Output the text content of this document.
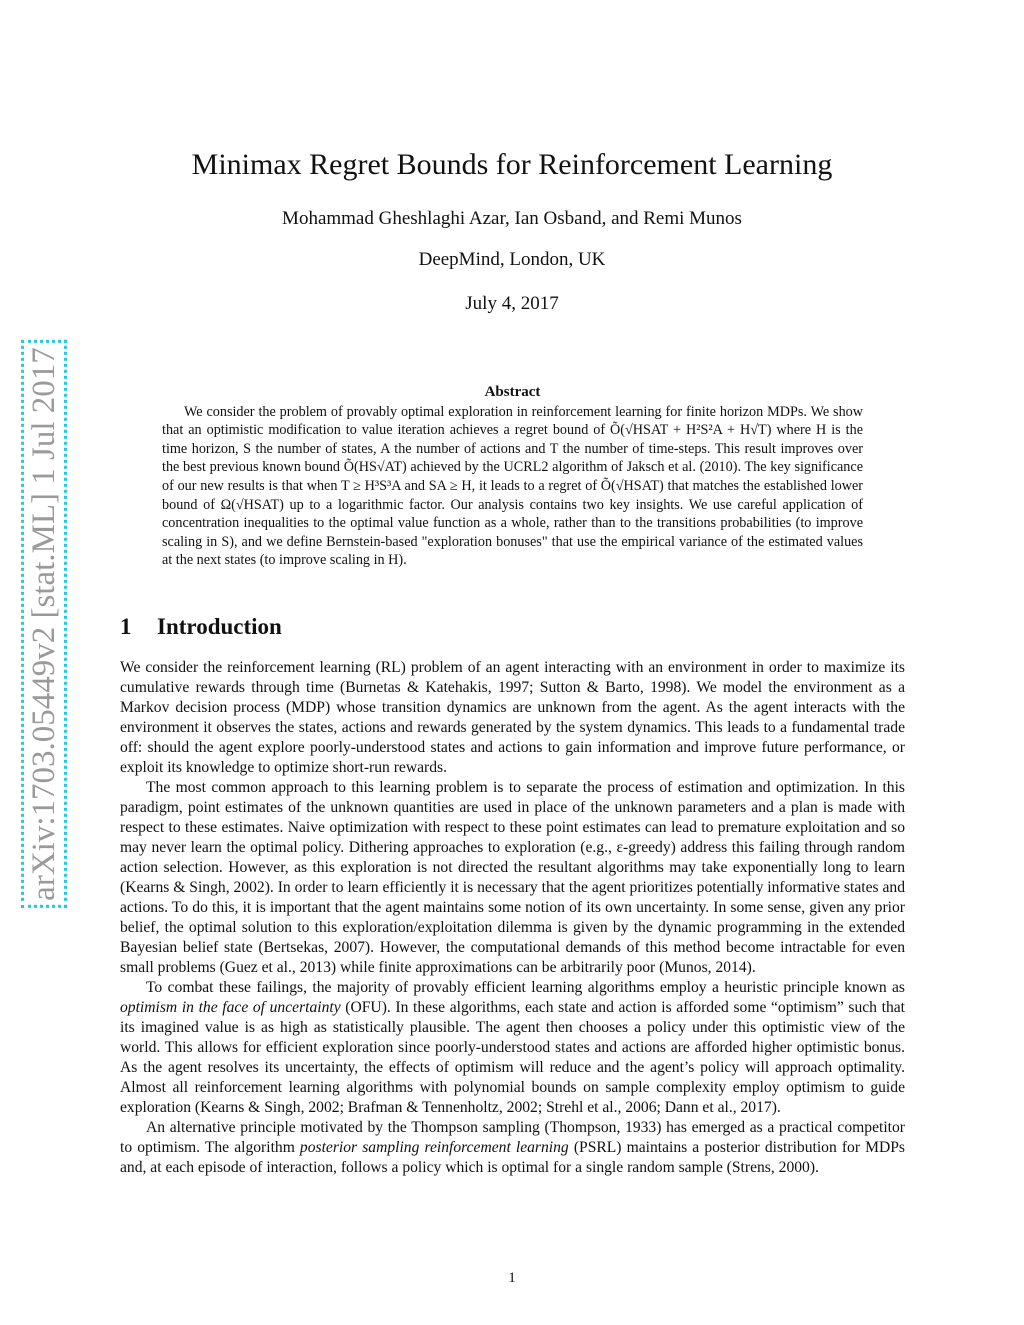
arXiv:1703.05449v2 [stat.ML] 1 Jul 2017
Minimax Regret Bounds for Reinforcement Learning
Mohammad Gheshlaghi Azar, Ian Osband, and Remi Munos
DeepMind, London, UK
July 4, 2017
Abstract

We consider the problem of provably optimal exploration in reinforcement learning for finite horizon MDPs. We show that an optimistic modification to value iteration achieves a regret bound of Õ(√HSAT + H²S²A + H√T) where H is the time horizon, S the number of states, A the number of actions and T the number of time-steps. This result improves over the best previous known bound Õ(HS√AT) achieved by the UCRL2 algorithm of Jaksch et al. (2010). The key significance of our new results is that when T ≥ H³S³A and SA ≥ H, it leads to a regret of Õ(√HSAT) that matches the established lower bound of Ω(√HSAT) up to a logarithmic factor. Our analysis contains two key insights. We use careful application of concentration inequalities to the optimal value function as a whole, rather than to the transitions probabilities (to improve scaling in S), and we define Bernstein-based "exploration bonuses" that use the empirical variance of the estimated values at the next states (to improve scaling in H).

1 Introduction

We consider the reinforcement learning (RL) problem of an agent interacting with an environment in order to maximize its cumulative rewards through time (Burnetas & Katehakis, 1997; Sutton & Barto, 1998). We model the environment as a Markov decision process (MDP) whose transition dynamics are unknown from the agent. As the agent interacts with the environment it observes the states, actions and rewards generated by the system dynamics. This leads to a fundamental trade off: should the agent explore poorly-understood states and actions to gain information and improve future performance, or exploit its knowledge to optimize short-run rewards.

The most common approach to this learning problem is to separate the process of estimation and optimization. In this paradigm, point estimates of the unknown quantities are used in place of the unknown parameters and a plan is made with respect to these estimates. Naive optimization with respect to these point estimates can lead to premature exploitation and so may never learn the optimal policy. Dithering approaches to exploration (e.g., ε-greedy) address this failing through random action selection. However, as this exploration is not directed the resultant algorithms may take exponentially long to learn (Kearns & Singh, 2002). In order to learn efficiently it is necessary that the agent prioritizes potentially informative states and actions. To do this, it is important that the agent maintains some notion of its own uncertainty. In some sense, given any prior belief, the optimal solution to this exploration/exploitation dilemma is given by the dynamic programming in the extended Bayesian belief state (Bertsekas, 2007). However, the computational demands of this method become intractable for even small problems (Guez et al., 2013) while finite approximations can be arbitrarily poor (Munos, 2014).

To combat these failings, the majority of provably efficient learning algorithms employ a heuristic principle known as optimism in the face of uncertainty (OFU). In these algorithms, each state and action is afforded some “optimism” such that its imagined value is as high as statistically plausible. The agent then chooses a policy under this optimistic view of the world. This allows for efficient exploration since poorly-understood states and actions are afforded higher optimistic bonus. As the agent resolves its uncertainty, the effects of optimism will reduce and the agent’s policy will approach optimality. Almost all reinforcement learning algorithms with polynomial bounds on sample complexity employ optimism to guide exploration (Kearns & Singh, 2002; Brafman & Tennenholtz, 2002; Strehl et al., 2006; Dann et al., 2017).

An alternative principle motivated by the Thompson sampling (Thompson, 1933) has emerged as a practical competitor to optimism. The algorithm posterior sampling reinforcement learning (PSRL) maintains a posterior distribution for MDPs and, at each episode of interaction, follows a policy which is optimal for a single random sample (Strens, 2000).

1
